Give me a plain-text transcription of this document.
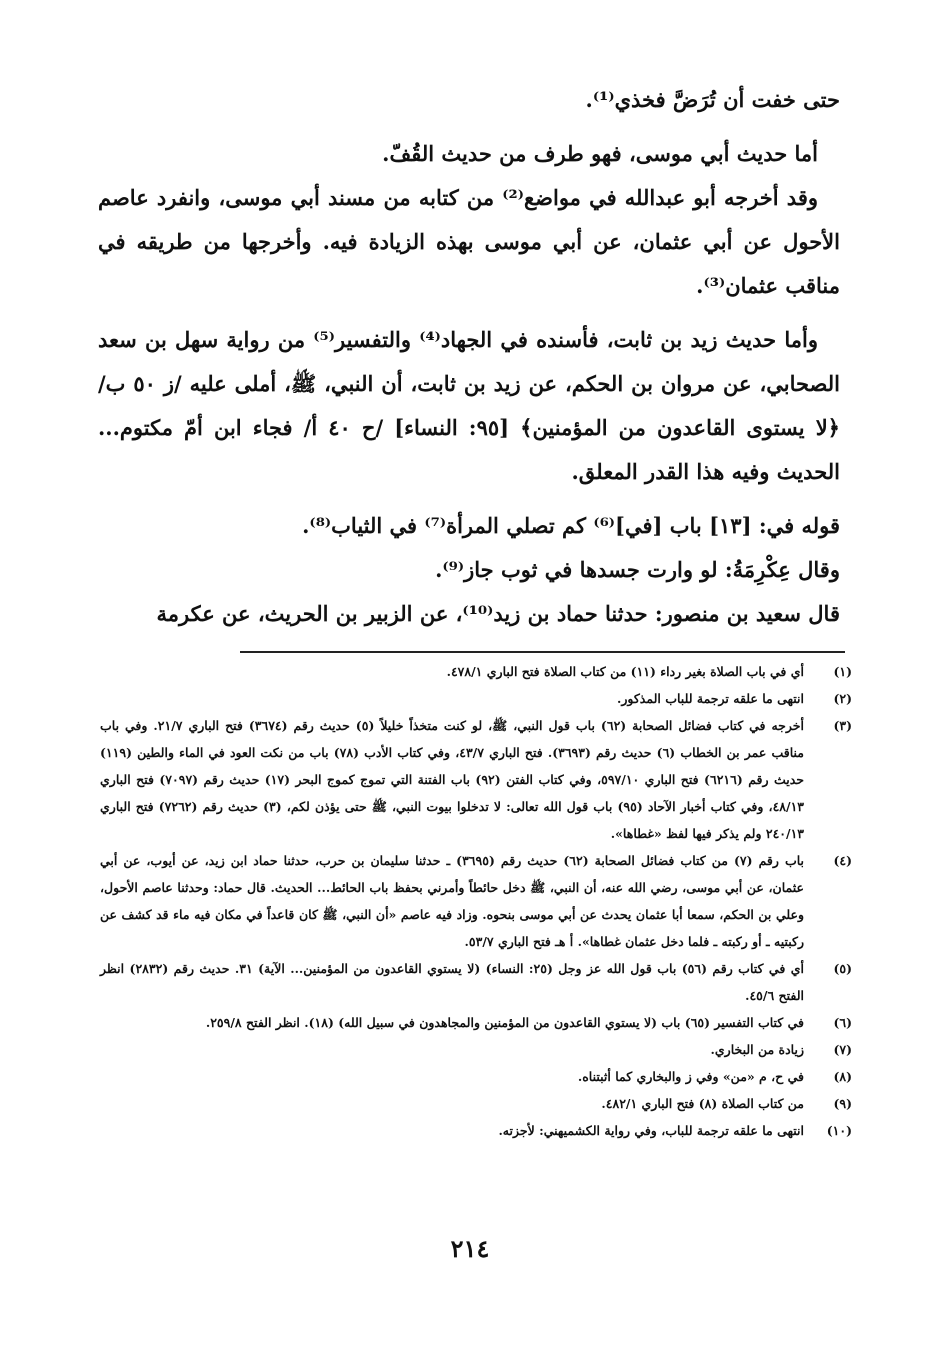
حتى خفت أن تُرَضَّ فخذي⁽¹⁾.

أما حديث أبي موسى، فهو طرف من حديث القُفّ.

وقد أخرجه أبو عبدالله في مواضع⁽²⁾ من كتابه من مسند أبي موسى، وانفرد عاصم الأحول عن أبي عثمان، عن أبي موسى بهذه الزيادة فيه. وأخرجها من طريقه في مناقب عثمان⁽³⁾.

وأما حديث زيد بن ثابت، فأسنده في الجهاد⁽⁴⁾ والتفسير⁽⁵⁾ من رواية سهل بن سعد الصحابي، عن مروان بن الحكم، عن زيد بن ثابت، أن النبي، ﷺ، أملى عليه /ز ٥٠ ب/ ﴿لا يستوى القاعدون من المؤمنين﴾ [٩٥: النساء] /ح ٤٠ أ/ فجاء ابن أمّ مكتوم... الحديث وفيه هذا القدر المعلق.

قوله في: [١٣] باب [في]⁽⁶⁾ كم تصلي المرأة⁽⁷⁾ في الثياب⁽⁸⁾.

وقال عِكْرِمَةُ: لو وارت جسدها في ثوب جاز⁽⁹⁾.

قال سعيد بن منصور: حدثنا حماد بن زيد⁽¹⁰⁾، عن الزبير بن الحريث، عن عكرمة

(١)
أي في باب الصلاة بغير رداء (١١) من كتاب الصلاة فتح الباري ٤٧٨/١.
(٢)
انتهى ما علقه ترجمة للباب المذكور.
(٣)
أخرجه في كتاب فضائل الصحابة (٦٢) باب قول النبي، ﷺ، لو كنت متخذاً خليلاً (٥) حديث رقم (٣٦٧٤) فتح الباري ٢١/٧. وفي باب مناقب عمر بن الخطاب (٦) حديث رقم (٣٦٩٣). فتح الباري ٤٣/٧، وفي كتاب الأدب (٧٨) باب من نكت العود في الماء والطين (١١٩) حديث رقم (٦٢١٦) فتح الباري ٥٩٧/١٠، وفي كتاب الفتن (٩٢) باب الفتنة التي تموج كموج البحر (١٧) حديث رقم (٧٠٩٧) فتح الباري ٤٨/١٣، وفي كتاب أخبار الآحاد (٩٥) باب قول الله تعالى: لا تدخلوا بيوت النبي، ﷺ حتى يؤذن لكم، (٣) حديث رقم (٧٢٦٢) فتح الباري ٢٤٠/١٣ ولم يذكر فيها لفظ «غطاها».
(٤)
باب رقم (٧) من كتاب فضائل الصحابة (٦٢) حديث رقم (٣٦٩٥) ـ حدثنا سليمان بن حرب، حدثنا حماد ابن زيد، عن أيوب، عن أبي عثمان، عن أبي موسى، رضي الله عنه، أن النبي، ﷺ دخل حائطاً وأمرني بحفظ باب الحائط... الحديث. قال حماد: وحدثنا عاصم الأحول، وعلي بن الحكم، سمعا أبا عثمان يحدث عن أبي موسى بنحوه. وزاد فيه عاصم «أن النبي، ﷺ كان قاعداً في مكان فيه ماء قد كشف عن ركبتيه ـ أو ركبته ـ فلما دخل عثمان غطاها». أ هـ فتح الباري ٥٣/٧.
(٥)
أي في كتاب رقم (٥٦) باب قول الله عز وجل (٢٥: النساء) (لا يستوي القاعدون من المؤمنين... الآية) ٣١. حديث رقم (٢٨٣٢) انظر الفتح ٤٥/٦.
(٦)
في كتاب التفسير (٦٥) باب (لا يستوي القاعدون من المؤمنين والمجاهدون في سبيل الله) (١٨). انظر الفتح ٢٥٩/٨.
(٧)
زيادة من البخاري.
(٨)
في ح، م «من» وفي ز والبخاري كما أثبتناه.
(٩)
من كتاب الصلاة (٨) فتح الباري ٤٨٢/١.
(١٠)
انتهى ما علقه ترجمة للباب، وفي رواية الكشميهني: لأجزته.
٢١٤
